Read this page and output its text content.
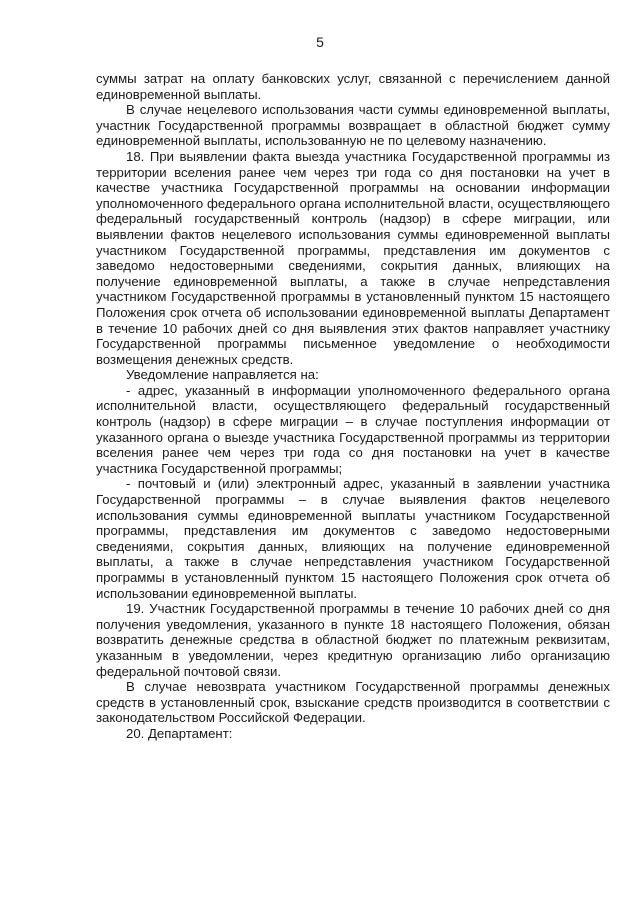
5

суммы затрат на оплату банковских услуг, связанной с перечислением данной единовременной выплаты.

В случае нецелевого использования части суммы единовременной выплаты, участник Государственной программы возвращает в областной бюджет сумму единовременной выплаты, использованную не по целевому назначению.

18. При выявлении факта выезда участника Государственной программы из территории вселения ранее чем через три года со дня постановки на учет в качестве участника Государственной программы на основании информации уполномоченного федерального органа исполнительной власти, осуществляющего федеральный государственный контроль (надзор) в сфере миграции, или выявлении фактов нецелевого использования суммы единовременной выплаты участником Государственной программы, представления им документов с заведомо недостоверными сведениями, сокрытия данных, влияющих на получение единовременной выплаты, а также в случае непредставления участником Государственной программы в установленный пунктом 15 настоящего Положения срок отчета об использовании единовременной выплаты Департамент в течение 10 рабочих дней со дня выявления этих фактов направляет участнику Государственной программы письменное уведомление о необходимости возмещения денежных средств.

Уведомление направляется на:

- адрес, указанный в информации уполномоченного федерального органа исполнительной власти, осуществляющего федеральный государственный контроль (надзор) в сфере миграции – в случае поступления информации от указанного органа о выезде участника Государственной программы из территории вселения ранее чем через три года со дня постановки на учет в качестве участника Государственной программы;

- почтовый и (или) электронный адрес, указанный в заявлении участника Государственной программы – в случае выявления фактов нецелевого использования суммы единовременной выплаты участником Государственной программы, представления им документов с заведомо недостоверными сведениями, сокрытия данных, влияющих на получение единовременной выплаты, а также в случае непредставления участником Государственной программы в установленный пунктом 15 настоящего Положения срок отчета об использовании единовременной выплаты.

19. Участник Государственной программы в течение 10 рабочих дней со дня получения уведомления, указанного в пункте 18 настоящего Положения, обязан возвратить денежные средства в областной бюджет по платежным реквизитам, указанным в уведомлении, через кредитную организацию либо организацию федеральной почтовой связи.

В случае невозврата участником Государственной программы денежных средств в установленный срок, взыскание средств производится в соответствии с законодательством Российской Федерации.

20. Департамент:
